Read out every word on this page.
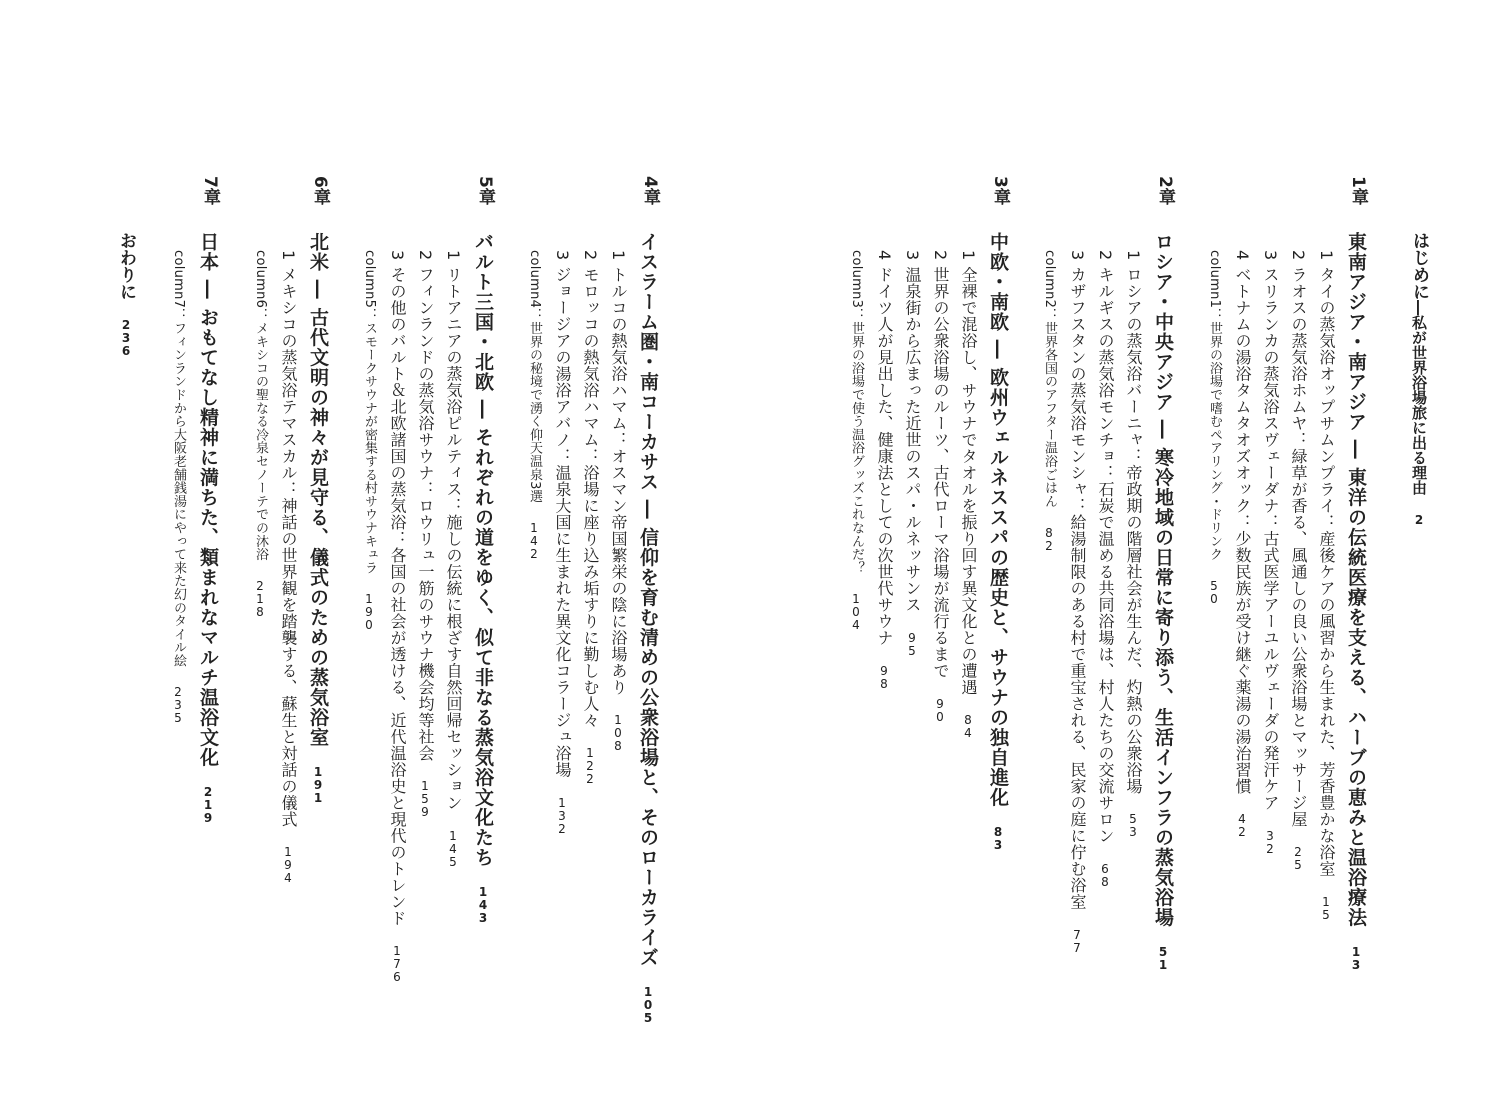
はじめに―私が世界浴場旅に出る理由2
1章
東南アジア・南アジア ― 東洋の伝統医療を支える、ハーブの恵みと温浴療法13
1 タイの蒸気浴オップサムンプライ：産後ケアの風習から生まれた、芳香豊かな浴室15
2 ラオスの蒸気浴ホムヤ：緑草が香る、風通しの良い公衆浴場とマッサージ屋25
3 スリランカの蒸気浴スヴェーダナ：古式医学アーユルヴェーダの発汗ケア32
4 ベトナムの湯浴タムタオズオック：少数民族が受け継ぐ薬湯の湯治習慣42
column1：世界の浴場で嗜むペアリング・ドリンク50
2章
ロシア・中央アジア ― 寒冷地域の日常に寄り添う、生活インフラの蒸気浴場51
1 ロシアの蒸気浴バーニャ：帝政期の階層社会が生んだ、灼熱の公衆浴場53
2 キルギスの蒸気浴モンチョ：石炭で温める共同浴場は、村人たちの交流サロン68
3 カザフスタンの蒸気浴モンシャ：給湯制限のある村で重宝される、民家の庭に佇む浴室77
column2：世界各国のアフター温浴ごはん82
3章
中欧・南欧 ― 欧州ウェルネススパの歴史と、サウナの独自進化83
1 全裸で混浴し、サウナでタオルを振り回す異文化との遭遇84
2 世界の公衆浴場のルーツ、古代ローマ浴場が流行るまで90
3 温泉街から広まった近世のスパ・ルネッサンス95
4 ドイツ人が見出した、健康法としての次世代サウナ98
column3：世界の浴場で使う温浴グッズこれなんだ？104
4章
イスラーム圏・南コーカサス ― 信仰を育む清めの公衆浴場と、そのローカライズ105
1 トルコの熱気浴ハマム：オスマン帝国繁栄の陰に浴場あり108
2 モロッコの熱気浴ハマム：浴場に座り込み垢すりに勤しむ人々122
3 ジョージアの湯浴アバノ：温泉大国に生まれた異文化コラージュ浴場132
column4：世界の秘境で湧く仰天温泉3選142
5章
バルト三国・北欧 ― それぞれの道をゆく、似て非なる蒸気浴文化たち143
1 リトアニアの蒸気浴ピルティス：施しの伝統に根ざす自然回帰セッション145
2 フィンランドの蒸気浴サウナ：ロウリュ一筋のサウナ機会均等社会159
3 その他のバルト＆北欧諸国の蒸気浴：各国の社会が透ける、近代温浴史と現代のトレンド176
column5：スモークサウナが密集する村サウナキュラ190
6章
北米 ― 古代文明の神々が見守る、儀式のための蒸気浴室191
1 メキシコの蒸気浴テマスカル：神話の世界観を踏襲する、蘇生と対話の儀式194
column6：メキシコの聖なる冷泉セノーテでの沐浴218
7章
日本 ― おもてなし精神に満ちた、類まれなマルチ温浴文化219
column7：フィンランドから大阪老舗銭湯にやって来た幻のタイル絵235
おわりに236
